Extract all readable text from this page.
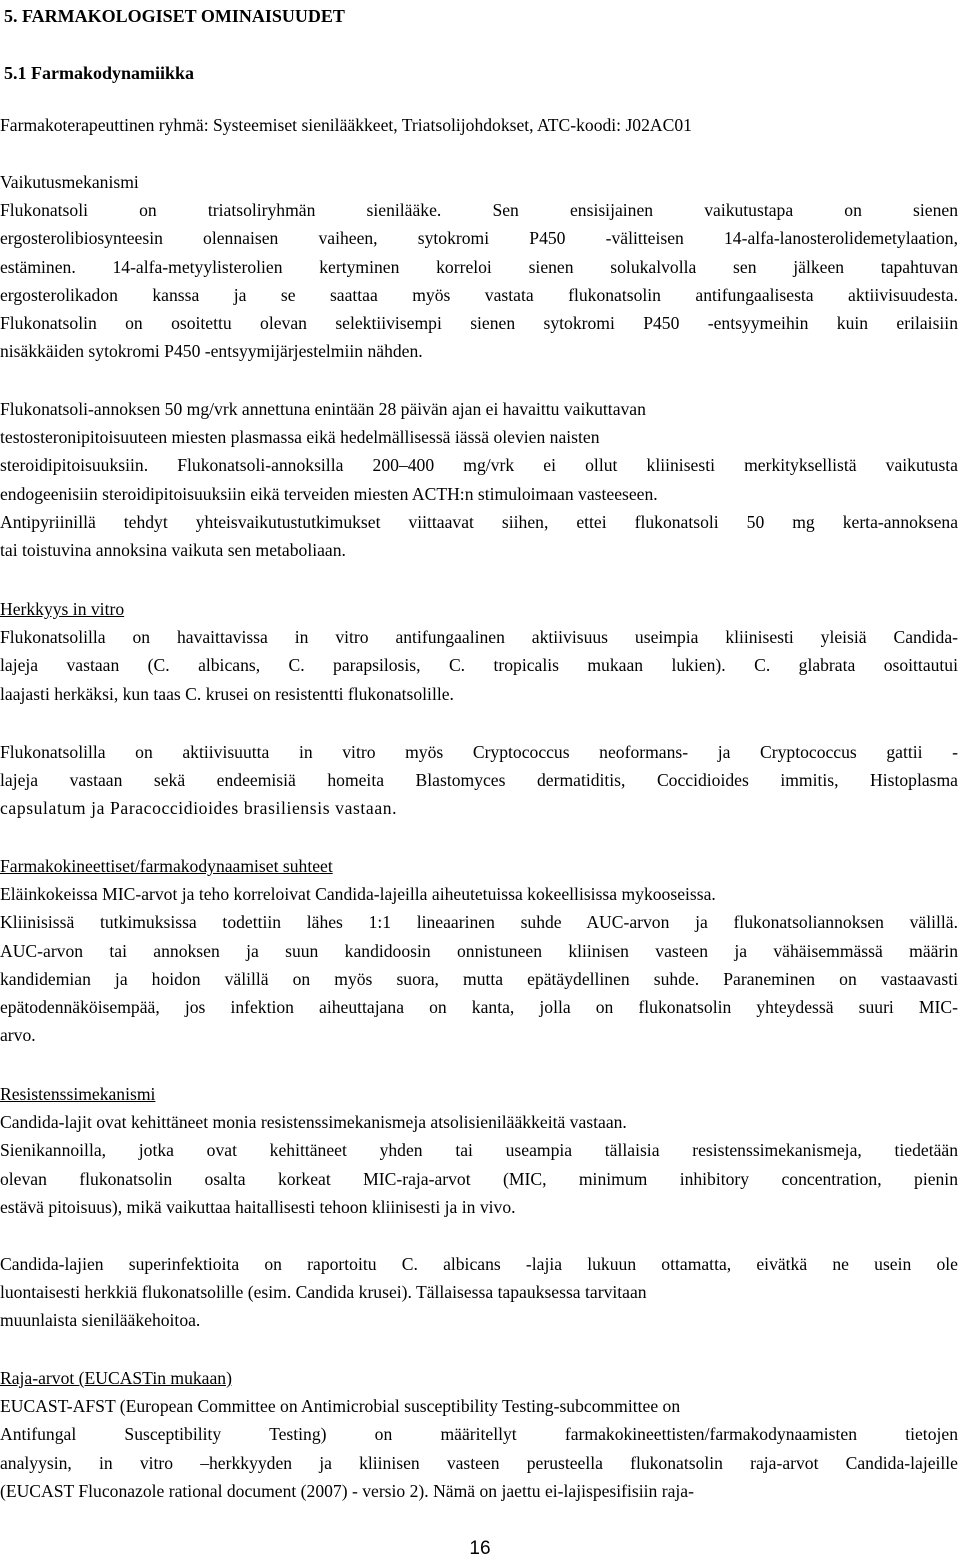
5. FARMAKOLOGISET OMINAISUUDET
5.1 Farmakodynamiikka
Farmakoterapeuttinen ryhmä: Systeemiset sienilääkkeet, Triatsolijohdokset, ATC-koodi: J02AC01
Vaikutusmekanismi
Flukonatsoli on triatsoliryhmän sienilääke. Sen ensisijainen vaikutustapa on sienen
ergosterolibiosynteesin olennaisen vaiheen, sytokromi P450 -välitteisen 14-alfa-lanosterolidemetylaation,
estäminen. 14-alfa-metyylisterolien kertyminen korreloi sienen solukalvolla sen jälkeen tapahtuvan
ergosterolikadon kanssa ja se saattaa myös vastata flukonatsolin antifungaalisesta aktiivisuudesta.
Flukonatsolin on osoitettu olevan selektiivisempi sienen sytokromi P450 -entsyymeihin kuin erilaisiin
nisäkkäiden sytokromi P450 -entsyymijärjestelmiin nähden.
Flukonatsoli-annoksen 50 mg/vrk annettuna enintään 28 päivän ajan ei havaittu vaikuttavan
testosteronipitoisuuteen miesten plasmassa eikä hedelmällisessä iässä olevien naisten
steroidipitoisuuksiin. Flukonatsoli-annoksilla 200–400 mg/vrk ei ollut kliinisesti merkityksellistä vaikutusta
endogeenisiin steroidipitoisuuksiin eikä terveiden miesten ACTH:n stimuloimaan vasteeseen.
Antipyriinillä tehdyt yhteisvaikutustutkimukset viittaavat siihen, ettei flukonatsoli 50 mg kerta-annoksena
tai toistuvina annoksina vaikuta sen metaboliaan.
Herkkyys in vitro
Flukonatsolilla on havaittavissa in vitro antifungaalinen aktiivisuus useimpia kliinisesti yleisiä Candida-
lajeja vastaan (C. albicans, C. parapsilosis, C. tropicalis mukaan lukien). C. glabrata osoittautui
laajasti herkäksi, kun taas C. krusei on resistentti flukonatsolille.
Flukonatsolilla on aktiivisuutta in vitro myös Cryptococcus neoformans- ja Cryptococcus gattii -
lajeja vastaan sekä endeemisiä homeita Blastomyces dermatiditis, Coccidioides immitis, Histoplasma
capsulatum ja Paracoccidioides brasiliensis vastaan.
Farmakokineettiset/farmakodynaamiset suhteet
Eläinkokeissa MIC-arvot ja teho korreloivat Candida-lajeilla aiheutetuissa kokeellisissa mykooseissa.
Kliinisissä tutkimuksissa todettiin lähes 1:1 lineaarinen suhde AUC-arvon ja flukonatsoliannoksen välillä.
AUC-arvon tai annoksen ja suun kandidoosin onnistuneen kliinisen vasteen ja vähäisemmässä määrin
kandidemian ja hoidon välillä on myös suora, mutta epätäydellinen suhde. Paraneminen on vastaavasti
epätodennäköisempää, jos infektion aiheuttajana on kanta, jolla on flukonatsolin yhteydessä suuri MIC-
arvo.
Resistenssimekanismi
Candida-lajit ovat kehittäneet monia resistenssimekanismeja atsolisienilääkkeitä vastaan.
Sienikannoilla, jotka ovat kehittäneet yhden tai useampia tällaisia resistenssimekanismeja, tiedetään
olevan flukonatsolin osalta korkeat MIC-raja-arvot (MIC, minimum inhibitory concentration, pienin
estävä pitoisuus), mikä vaikuttaa haitallisesti tehoon kliinisesti ja in vivo.
Candida-lajien superinfektioita on raportoitu C. albicans -lajia lukuun ottamatta, eivätkä ne usein ole
luontaisesti herkkiä flukonatsolille (esim. Candida krusei). Tällaisessa tapauksessa tarvitaan
muunlaista sienilääkehoitoa.
Raja-arvot (EUCASTin mukaan)
EUCAST-AFST (European Committee on Antimicrobial susceptibility Testing-subcommittee on
Antifungal Susceptibility Testing) on määritellyt farmakokineettisten/farmakodynaamisten tietojen
analyysin, in vitro –herkkyyden ja kliinisen vasteen perusteella flukonatsolin raja-arvot Candida-lajeille
(EUCAST Fluconazole rational document (2007) - versio 2). Nämä on jaettu ei-lajispesifisiin raja-
16
